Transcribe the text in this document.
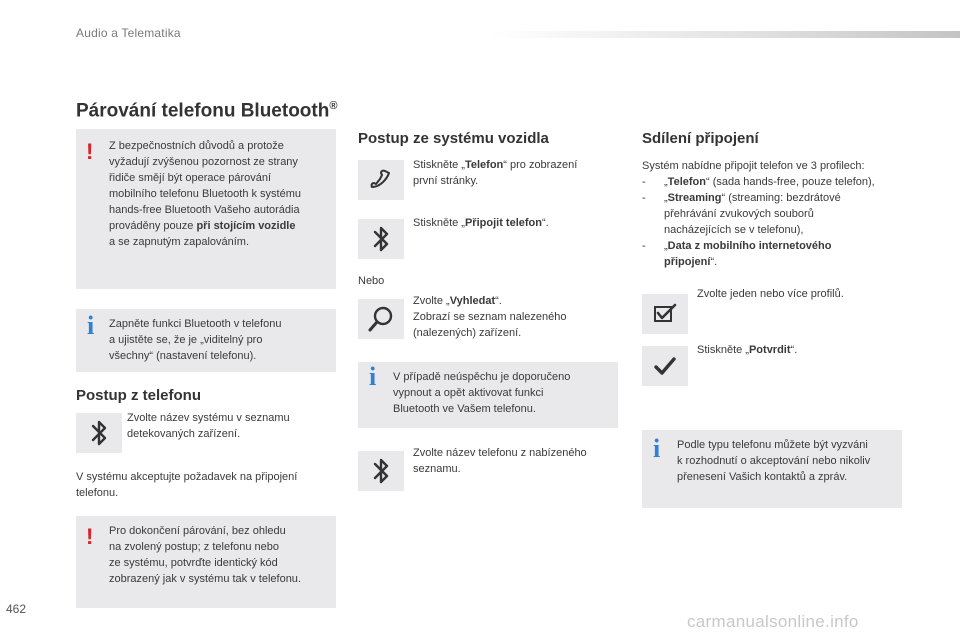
Audio a Telematika
Párování telefonu Bluetooth®
! Z bezpečnostních důvodů a protože
vyžadují zvýšenou pozornost ze strany
řidiče smějí být operace párování
mobilního telefonu Bluetooth k systému
hands-free Bluetooth Vašeho autorádia
prováděny pouze při stojícím vozidle
a se zapnutým zapalováním.
i Zapněte funkci Bluetooth v telefonu
a ujistěte se, že je „viditelný pro
všechny“ (nastavení telefonu).
Postup z telefonu
Zvolte název systému v seznamu
detekovaných zařízení.
V systému akceptujte požadavek na připojení
telefonu.
! Pro dokončení párování, bez ohledu
na zvolený postup; z telefonu nebo
ze systému, potvrďte identický kód
zobrazený jak v systému tak v telefonu.
Postup ze systému vozidla
Stiskněte „Telefon“ pro zobrazení
první stránky.
Stiskněte „Připojit telefon“.
Nebo
Zvolte „Vyhledat“.
Zobrazí se seznam nalezeného
(nalezených) zařízení.
i V případě neúspěchu je doporučeno
vypnout a opět aktivovat funkci
Bluetooth ve Vašem telefonu.
Zvolte název telefonu z nabízeného
seznamu.
Sdílení připojení
Systém nabídne připojit telefon ve 3 profilech:
-	„Telefon“ (sada hands-free, pouze telefon),
- „Streaming“ (streaming: bezdrátové
přehrávání zvukových souborů
nacházejících se v telefonu),
- „Data z mobilního internetového
připojení“.
Zvolte jeden nebo více profilů.
Stiskněte „Potvrdit“.
i Podle typu telefonu můžete být vyzváni
k rozhodnutí o akceptování nebo nikoliv
přenesení Vašich kontaktů a zpráv.
462
carmanualsonline.info
